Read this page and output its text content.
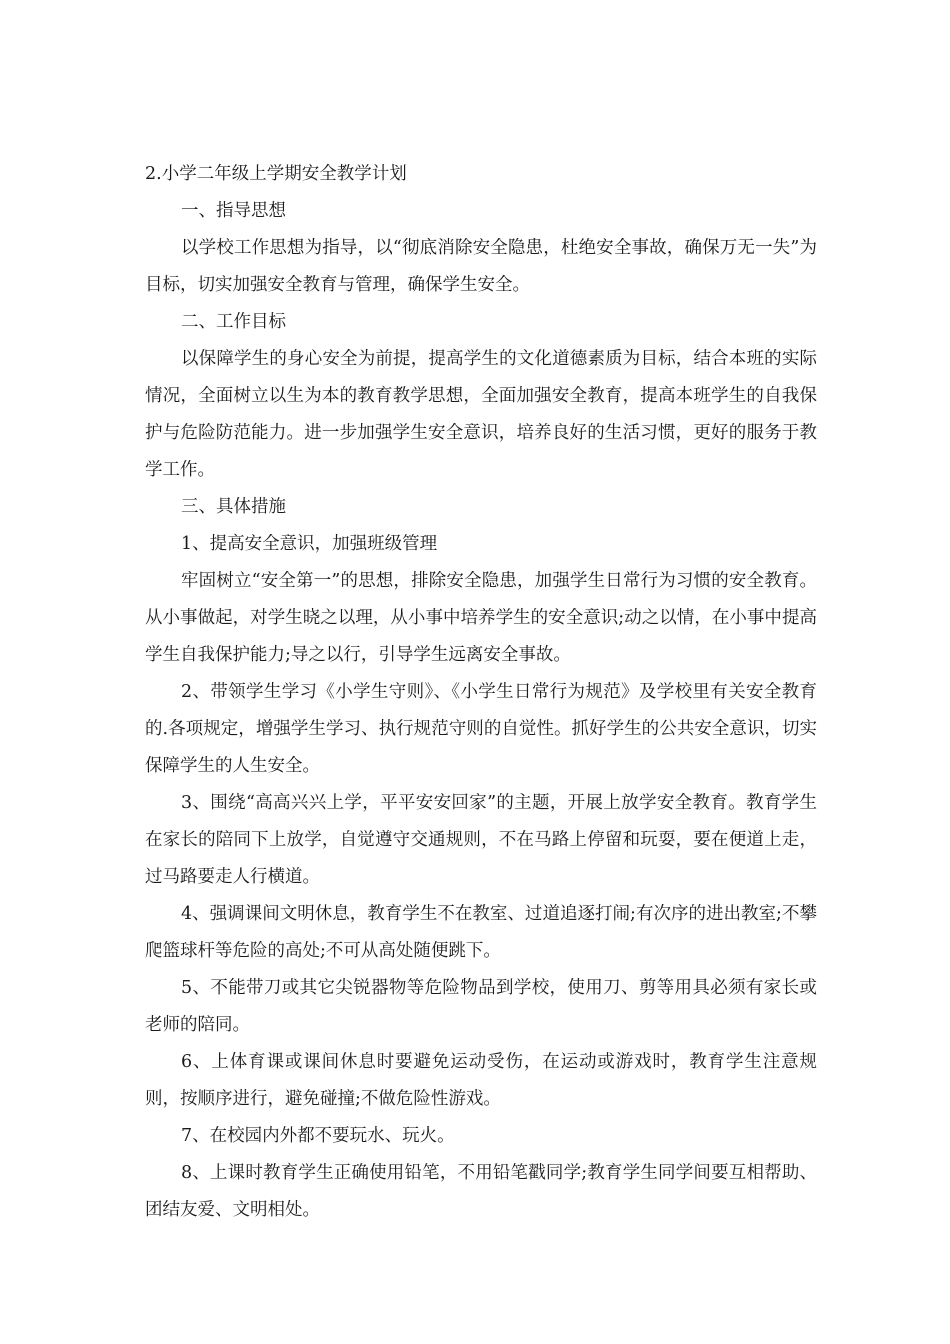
2.小学二年级上学期安全教学计划

一、指导思想

以学校工作思想为指导，以“彻底消除安全隐患，杜绝安全事故，确保万无一失”为目标，切实加强安全教育与管理，确保学生安全。

二、工作目标

以保障学生的身心安全为前提，提高学生的文化道德素质为目标，结合本班的实际情况，全面树立以生为本的教育教学思想，全面加强安全教育，提高本班学生的自我保护与危险防范能力。进一步加强学生安全意识，培养良好的生活习惯，更好的服务于教学工作。

三、具体措施

1、提高安全意识，加强班级管理

牢固树立“安全第一”的思想，排除安全隐患，加强学生日常行为习惯的安全教育。从小事做起，对学生晓之以理，从小事中培养学生的安全意识;动之以情，在小事中提高学生自我保护能力;导之以行，引导学生远离安全事故。

2、带领学生学习《小学生守则》、《小学生日常行为规范》及学校里有关安全教育的.各项规定，增强学生学习、执行规范守则的自觉性。抓好学生的公共安全意识，切实保障学生的人生安全。

3、围绕“高高兴兴上学，平平安安回家”的主题，开展上放学安全教育。教育学生在家长的陪同下上放学，自觉遵守交通规则，不在马路上停留和玩耍，要在便道上走，过马路要走人行横道。

4、强调课间文明休息，教育学生不在教室、过道追逐打闹;有次序的进出教室;不攀爬篮球杆等危险的高处;不可从高处随便跳下。

5、不能带刀或其它尖锐器物等危险物品到学校，使用刀、剪等用具必须有家长或老师的陪同。

6、上体育课或课间休息时要避免运动受伤，在运动或游戏时，教育学生注意规则，按顺序进行，避免碰撞;不做危险性游戏。

7、在校园内外都不要玩水、玩火。

8、上课时教育学生正确使用铅笔，不用铅笔戳同学;教育学生同学间要互相帮助、团结友爱、文明相处。
